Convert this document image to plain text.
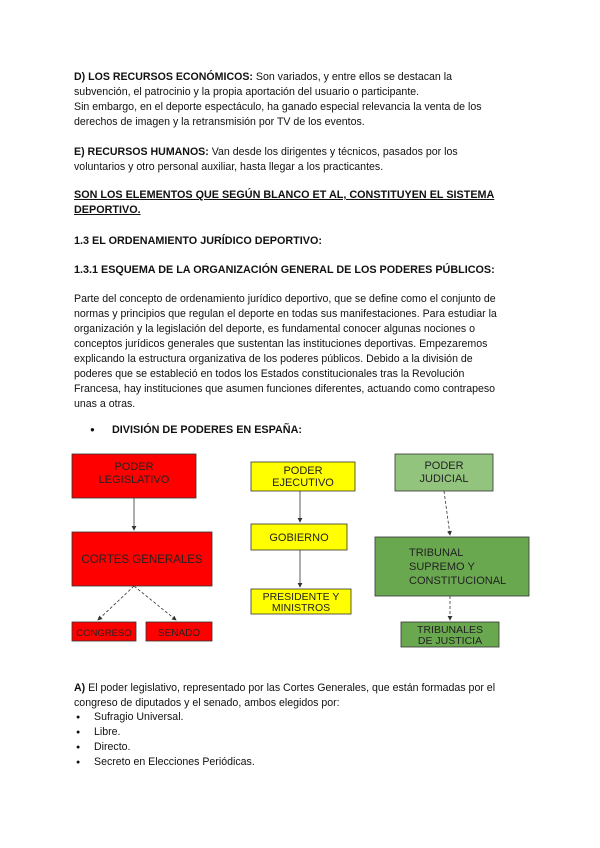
D) LOS RECURSOS ECONÓMICOS: Son variados, y entre ellos se destacan la
subvención, el patrocinio y la propia aportación del usuario o participante.
Sin embargo, en el deporte espectáculo, ha ganado especial relevancia la venta de los
derechos de imagen y la retransmisión por TV de los eventos.
E) RECURSOS HUMANOS: Van desde los dirigentes y técnicos, pasados por los
voluntarios y otro personal auxiliar, hasta llegar a los practicantes.
SON LOS ELEMENTOS QUE SEGÚN BLANCO ET AL, CONSTITUYEN EL SISTEMA
DEPORTIVO.
1.3 EL ORDENAMIENTO JURÍDICO DEPORTIVO:
1.3.1 ESQUEMA DE LA ORGANIZACIÓN GENERAL DE LOS PODERES PÚBLICOS:
Parte del concepto de ordenamiento jurídico deportivo, que se define como el conjunto de
normas y principios que regulan el deporte en todas sus manifestaciones. Para estudiar la
organización y la legislación del deporte, es fundamental conocer algunas nociones o
conceptos jurídicos generales que sustentan las instituciones deportivas. Empezaremos
explicando la estructura organizativa de los poderes públicos. Debido a la división de
poderes que se estableció en todos los Estados constitucionales tras la Revolución
Francesa, hay instituciones que asumen funciones diferentes, actuando como contrapeso
unas a otras.
● DIVISIÓN DE PODERES EN ESPAÑA:
PODER
LEGISLATIVO
CORTES GENERALES
CONGRESO	SENADO
PODER
EJECUTIVO
GOBIERNO
PRESIDENTE Y
MINISTROS
PODER
JUDICIAL
TRIBUNAL
SUPREMO Y
CONSTITUCIONAL
TRIBUNALES
DE JUSTICIA
A) El poder legislativo, representado por las Cortes Generales, que están formadas por el
congreso de diputados y el senado, ambos elegidos por:
● Sufragio Universal.
● Libre.
● Directo.
● Secreto en Elecciones Periódicas.
